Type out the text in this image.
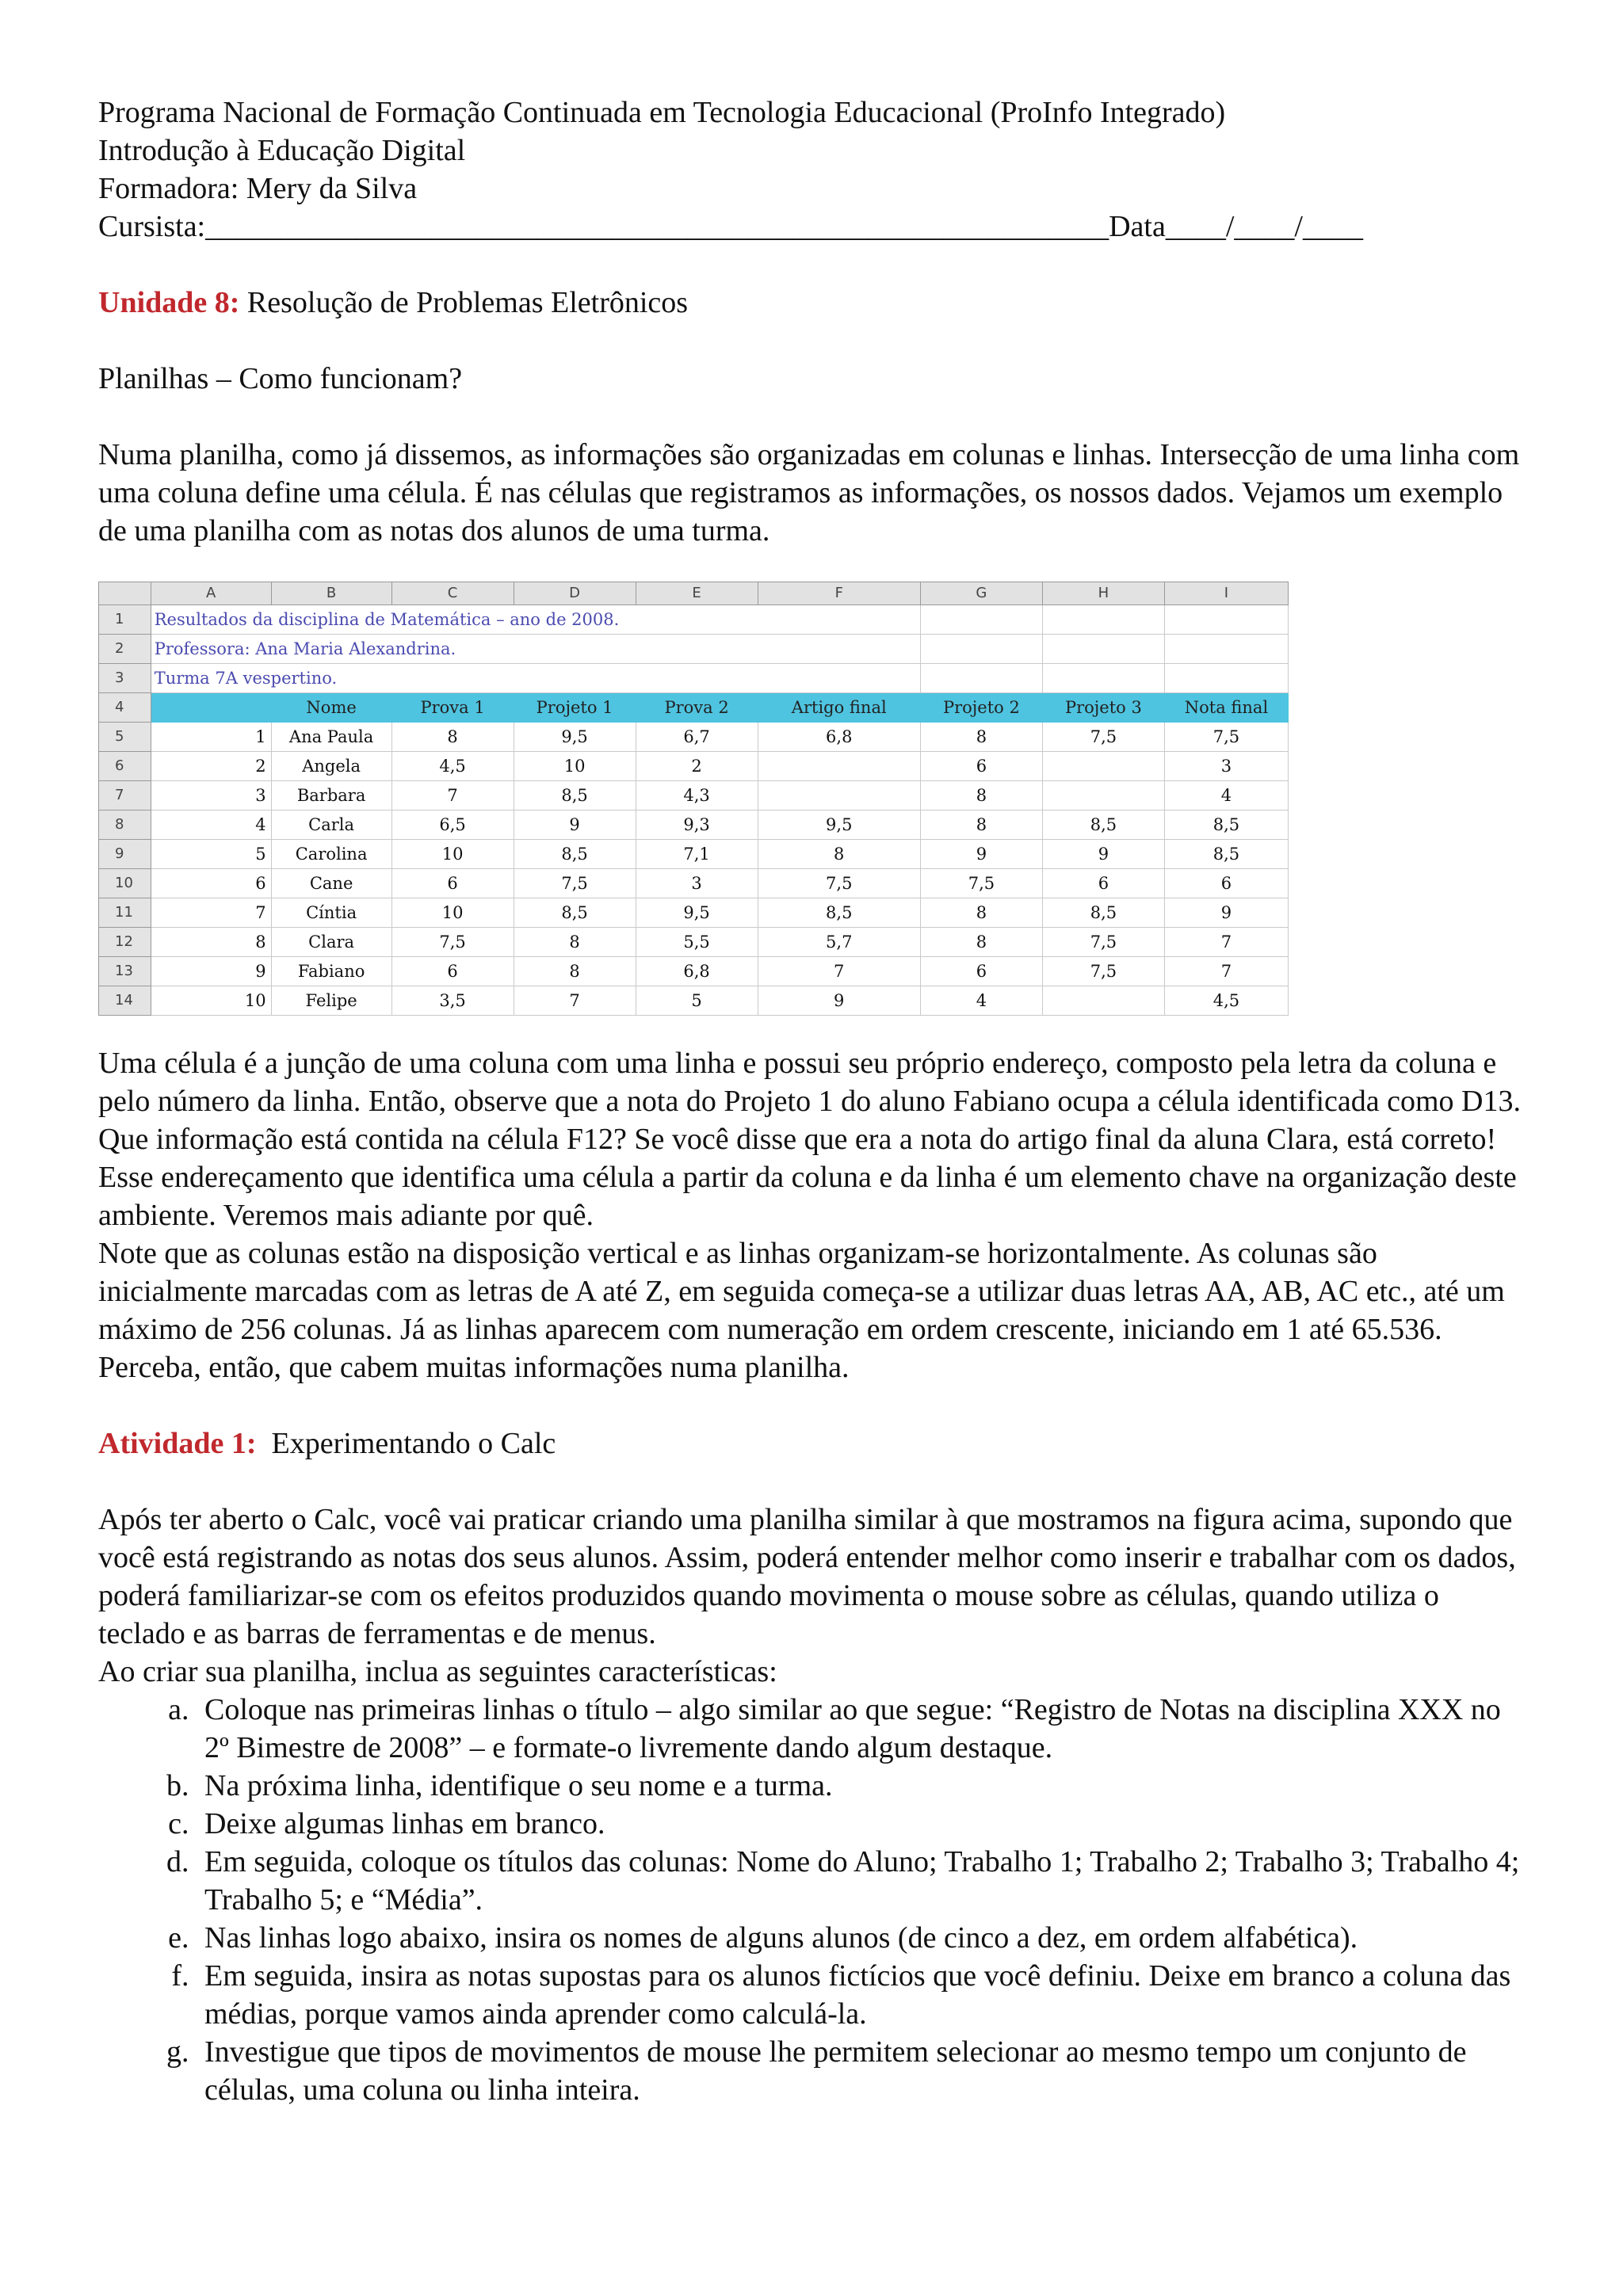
Programa Nacional de Formação Continuada em Tecnologia Educacional (ProInfo Integrado)
Introdução à Educação Digital
Formadora: Mery da Silva
Cursista:____________________________________________________________Data____/____/____
Unidade 8: Resolução de Problemas Eletrônicos
Planilhas – Como funcionam?

Numa planilha, como já dissemos, as informações são organizadas em colunas e linhas. Intersecção de uma linha com uma coluna define uma célula. É nas células que registramos as informações, os nossos dados. Vejamos um exemplo de uma planilha com as notas dos alunos de uma turma.

	A	B	C	D	E	F	G	H	I
1	Resultados da disciplina de Matemática – ano de 2008.								
2	Professora: Ana Maria Alexandrina.								
3	Turma 7A vespertino.								
4		Nome	Prova 1	Projeto 1	Prova 2	Artigo final	Projeto 2	Projeto 3	Nota final
5	1	Ana Paula	8	9,5	6,7	6,8	8	7,5	7,5
6	2	Angela	4,5	10	2		6		3
7	3	Barbara	7	8,5	4,3		8		4
8	4	Carla	6,5	9	9,3	9,5	8	8,5	8,5
9	5	Carolina	10	8,5	7,1	8	9	9	8,5
10	6	Cane	6	7,5	3	7,5	7,5	6	6
11	7	Cíntia	10	8,5	9,5	8,5	8	8,5	9
12	8	Clara	7,5	8	5,5	5,7	8	7,5	7
13	9	Fabiano	6	8	6,8	7	6	7,5	7
14	10	Felipe	3,5	7	5	9	4		4,5

Uma célula é a junção de uma coluna com uma linha e possui seu próprio endereço, composto pela letra da coluna e pelo número da linha. Então, observe que a nota do Projeto 1 do aluno Fabiano ocupa a célula identificada como D13.

Que informação está contida na célula F12? Se você disse que era a nota do artigo final da aluna Clara, está correto! Esse endereçamento que identifica uma célula a partir da coluna e da linha é um elemento chave na organização deste ambiente. Veremos mais adiante por quê.

Note que as colunas estão na disposição vertical e as linhas organizam-se horizontalmente. As colunas são inicialmente marcadas com as letras de A até Z, em seguida começa-se a utilizar duas letras AA, AB, AC etc., até um máximo de 256 colunas. Já as linhas aparecem com numeração em ordem crescente, iniciando em 1 até 65.536. Perceba, então, que cabem muitas informações numa planilha.

Atividade 1:  Experimentando o Calc

Após ter aberto o Calc, você vai praticar criando uma planilha similar à que mostramos na figura acima, supondo que você está registrando as notas dos seus alunos. Assim, poderá entender melhor como inserir e trabalhar com os dados, poderá familiarizar-se com os efeitos produzidos quando movimenta o mouse sobre as células, quando utiliza o teclado e as barras de ferramentas e de menus.

Ao criar sua planilha, inclua as seguintes características:

a. Coloque nas primeiras linhas o título – algo similar ao que segue: “Registro de Notas na disciplina XXX no 2º Bimestre de 2008” – e formate-o livremente dando algum destaque.
b. Na próxima linha, identifique o seu nome e a turma.
c. Deixe algumas linhas em branco.
d. Em seguida, coloque os títulos das colunas: Nome do Aluno; Trabalho 1; Trabalho 2; Trabalho 3; Trabalho 4; Trabalho 5; e “Média”.
e. Nas linhas logo abaixo, insira os nomes de alguns alunos (de cinco a dez, em ordem alfabética).
f. Em seguida, insira as notas supostas para os alunos fictícios que você definiu. Deixe em branco a coluna das médias, porque vamos ainda aprender como calculá-la.
g. Investigue que tipos de movimentos de mouse lhe permitem selecionar ao mesmo tempo um conjunto de células, uma coluna ou linha inteira.
